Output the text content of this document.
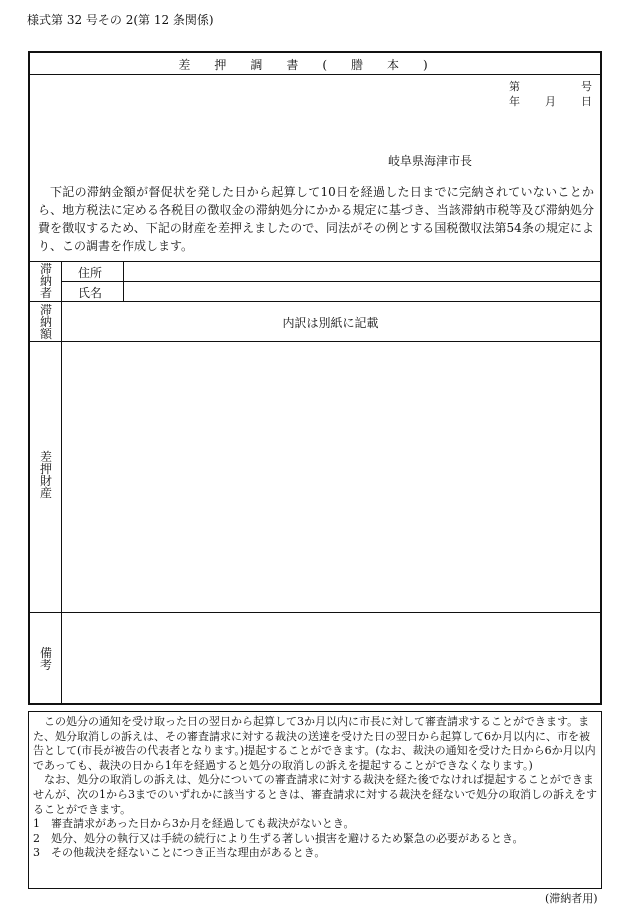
様式第 32 号その 2(第 12 条関係)
差押調書(謄本)
第	号
年 月 日
岐阜県海津市長
下記の滞納金額が督促状を発した日から起算して10日を経過した日までに完納されていないことから、地方税法に定める各税目の徴収金の滞納処分にかかる規定に基づき、当該滞納市税等及び滞納処分費を徴収するため、下記の財産を差押えましたので、同法がその例とする国税徴収法第54条の規定により、この調書を作成します。
滞
納
者
住所
氏名
滞
納
額
内訳は別紙に記載
差
押
財
産
備
考

この処分の通知を受け取った日の翌日から起算して3か月以内に市長に対して審査請求することができます。また、処分取消しの訴えは、その審査請求に対する裁決の送達を受けた日の翌日から起算して6か月以内に、市を被告として(市長が被告の代表者となります。)提起することができます。(なお、裁決の通知を受けた日から6か月以内であっても、裁決の日から1年を経過すると処分の取消しの訴えを提起することができなくなります。)

なお、処分の取消しの訴えは、処分についての審査請求に対する裁決を経た後でなければ提起することができませんが、次の1から3までのいずれかに該当するときは、審査請求に対する裁決を経ないで処分の取消しの訴えをすることができます。

1　審査請求があった日から3か月を経過しても裁決がないとき。

2　処分、処分の執行又は手続の続行により生ずる著しい損害を避けるため緊急の必要があるとき。

3　その他裁決を経ないことにつき正当な理由があるとき。

(滞納者用)
